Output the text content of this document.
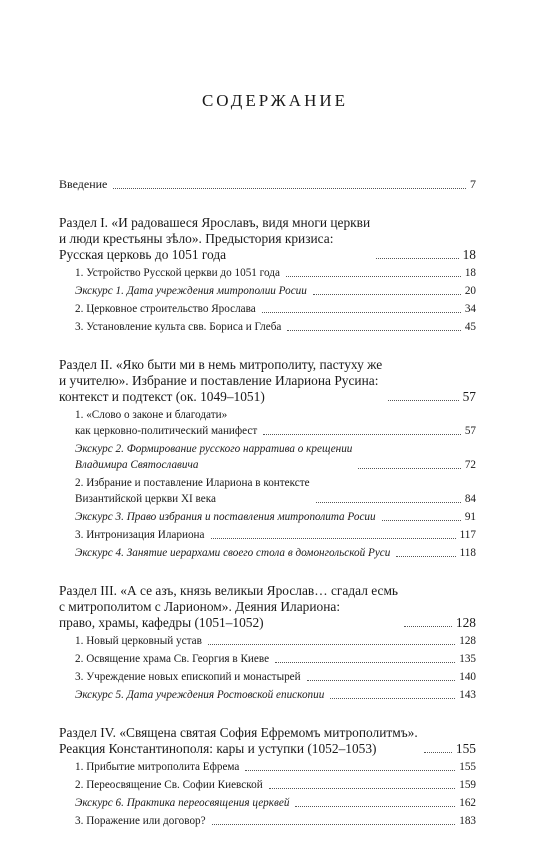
СОДЕРЖАНИЕ
Введение	7
Раздел I. «И радовашеся Ярославъ, видя многи церкви
и люди крестьяны зѣло». Предыстория кризиса:
Русская церковь до 1051 года	18
1. Устройство Русской церкви до 1051 года	18
Экскурс 1. Дата учреждения митрополии Росии	20
2. Церковное строительство Ярослава	34
3. Установление культа свв. Бориса и Глеба	45
Раздел II. «Яко быти ми в немь митрополиту, пастуху же
и учителю». Избрание и поставление Илариона Русина:
контекст и подтекст (ок. 1049–1051)	57
1. «Слово о законе и благодати»
как церковно-политический манифест	57
Экскурс 2. Формирование русского нарратива о крещении
Владимира Святославича	72
2. Избрание и поставление Илариона в контексте
Византийской церкви XI века	84
Экскурс 3. Право избрания и поставления митрополита Росии	91
3. Интронизация Илариона	117
Экскурс 4. Занятие иерархами своего стола в домонгольской Руси	118
Раздел III. «А се азъ, князь великыи Ярослав… сгадал есмь
с митрополитом с Ларионом». Деяния Илариона:
право, храмы, кафедры (1051–1052)	128
1. Новый церковный устав	128
2. Освящение храма Св. Георгия в Киеве	135
3. Учреждение новых епископий и монастырей	140
Экскурс 5. Дата учреждения Ростовской епископии	143
Раздел IV. «Священа святая София Ефремомъ митрополитмъ».
Реакция Константинополя: кары и уступки (1052–1053)	155
1. Прибытие митрополита Ефрема	155
2. Переосвящение Св. Софии Киевской	159
Экскурс 6. Практика переосвящения церквей	162
3. Поражение или договор?	183
